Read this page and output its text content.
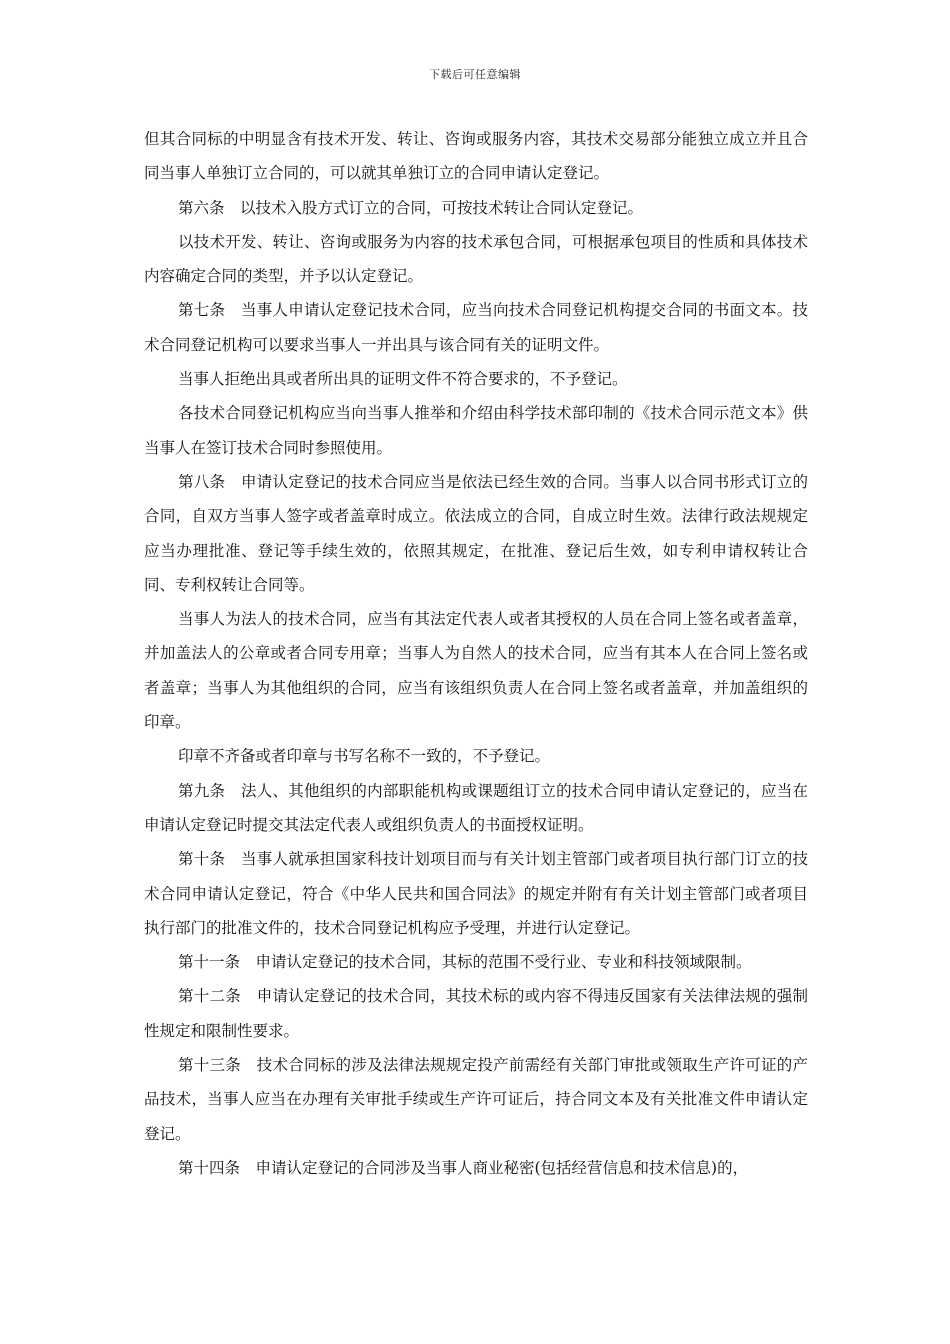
下载后可任意编辑

但其合同标的中明显含有技术开发、转让、咨询或服务内容，其技术交易部分能独立成立并且合同当事人单独订立合同的，可以就其单独订立的合同申请认定登记。

第六条　以技术入股方式订立的合同，可按技术转让合同认定登记。

以技术开发、转让、咨询或服务为内容的技术承包合同，可根据承包项目的性质和具体技术内容确定合同的类型，并予以认定登记。

第七条　当事人申请认定登记技术合同，应当向技术合同登记机构提交合同的书面文本。技术合同登记机构可以要求当事人一并出具与该合同有关的证明文件。

当事人拒绝出具或者所出具的证明文件不符合要求的，不予登记。

各技术合同登记机构应当向当事人推举和介绍由科学技术部印制的《技术合同示范文本》供当事人在签订技术合同时参照使用。

第八条　申请认定登记的技术合同应当是依法已经生效的合同。当事人以合同书形式订立的合同，自双方当事人签字或者盖章时成立。依法成立的合同，自成立时生效。法律行政法规规定应当办理批准、登记等手续生效的，依照其规定，在批准、登记后生效，如专利申请权转让合同、专利权转让合同等。

当事人为法人的技术合同，应当有其法定代表人或者其授权的人员在合同上签名或者盖章，并加盖法人的公章或者合同专用章；当事人为自然人的技术合同，应当有其本人在合同上签名或者盖章；当事人为其他组织的合同，应当有该组织负责人在合同上签名或者盖章，并加盖组织的印章。

印章不齐备或者印章与书写名称不一致的，不予登记。

第九条　法人、其他组织的内部职能机构或课题组订立的技术合同申请认定登记的，应当在申请认定登记时提交其法定代表人或组织负责人的书面授权证明。

第十条　当事人就承担国家科技计划项目而与有关计划主管部门或者项目执行部门订立的技术合同申请认定登记，符合《中华人民共和国合同法》的规定并附有有关计划主管部门或者项目执行部门的批准文件的，技术合同登记机构应予受理，并进行认定登记。

第十一条　申请认定登记的技术合同，其标的范围不受行业、专业和科技领域限制。

第十二条　申请认定登记的技术合同，其技术标的或内容不得违反国家有关法律法规的强制性规定和限制性要求。

第十三条　技术合同标的涉及法律法规规定投产前需经有关部门审批或领取生产许可证的产品技术，当事人应当在办理有关审批手续或生产许可证后，持合同文本及有关批准文件申请认定登记。

第十四条　申请认定登记的合同涉及当事人商业秘密(包括经营信息和技术信息)的，
